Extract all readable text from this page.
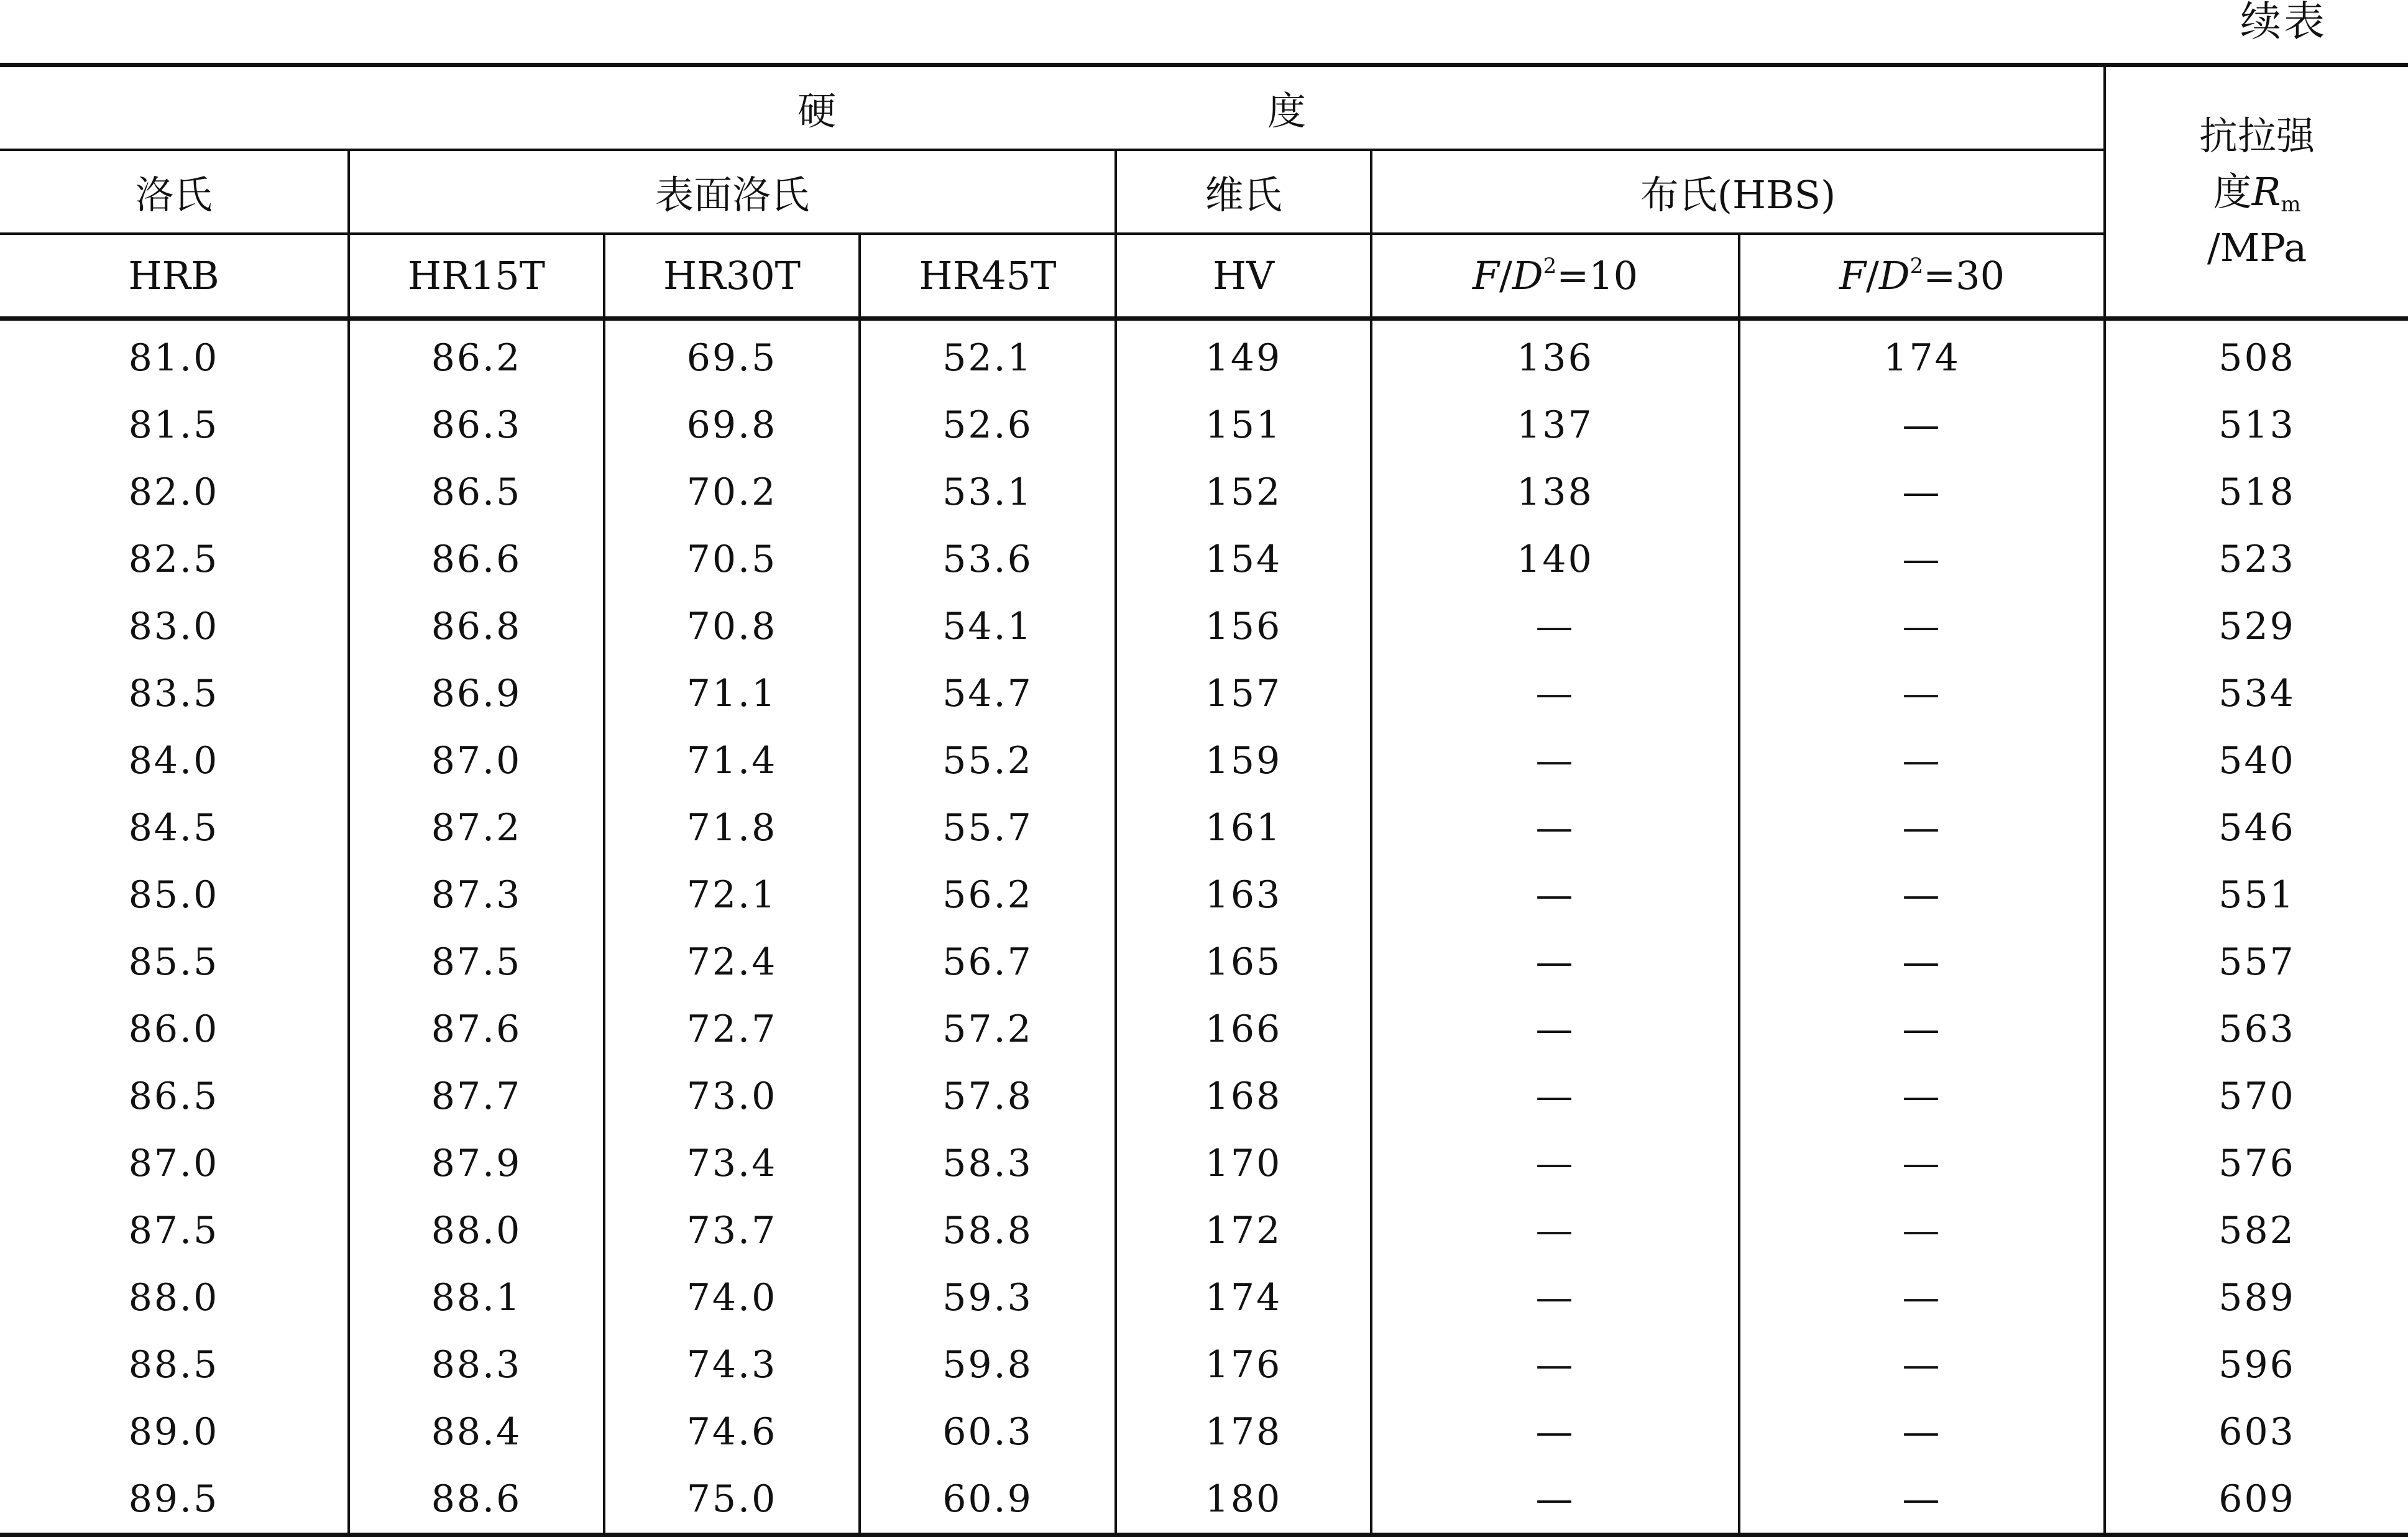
续表
硬　　度							抗拉强
度$R_m$
/MPa

洛氏	表面洛氏			维氏	布氏(HBS)		
HRB	HR15T	HR30T	HR45T	HV	$F/D^2=10$	$F/D^2=30$	
81.0	86.2	69.5	52.1	149	136	174	508
81.5	86.3	69.8	52.6	151	137	—	513
82.0	86.5	70.2	53.1	152	138	—	518
82.5	86.6	70.5	53.6	154	140	—	523
83.0	86.8	70.8	54.1	156	—	—	529
83.5	86.9	71.1	54.7	157	—	—	534
84.0	87.0	71.4	55.2	159	—	—	540
84.5	87.2	71.8	55.7	161	—	—	546
85.0	87.3	72.1	56.2	163	—	—	551
85.5	87.5	72.4	56.7	165	—	—	557
86.0	87.6	72.7	57.2	166	—	—	563
86.5	87.7	73.0	57.8	168	—	—	570
87.0	87.9	73.4	58.3	170	—	—	576
87.5	88.0	73.7	58.8	172	—	—	582
88.0	88.1	74.0	59.3	174	—	—	589
88.5	88.3	74.3	59.8	176	—	—	596
89.0	88.4	74.6	60.3	178	—	—	603
89.5	88.6	75.0	60.9	180	—	—	609
